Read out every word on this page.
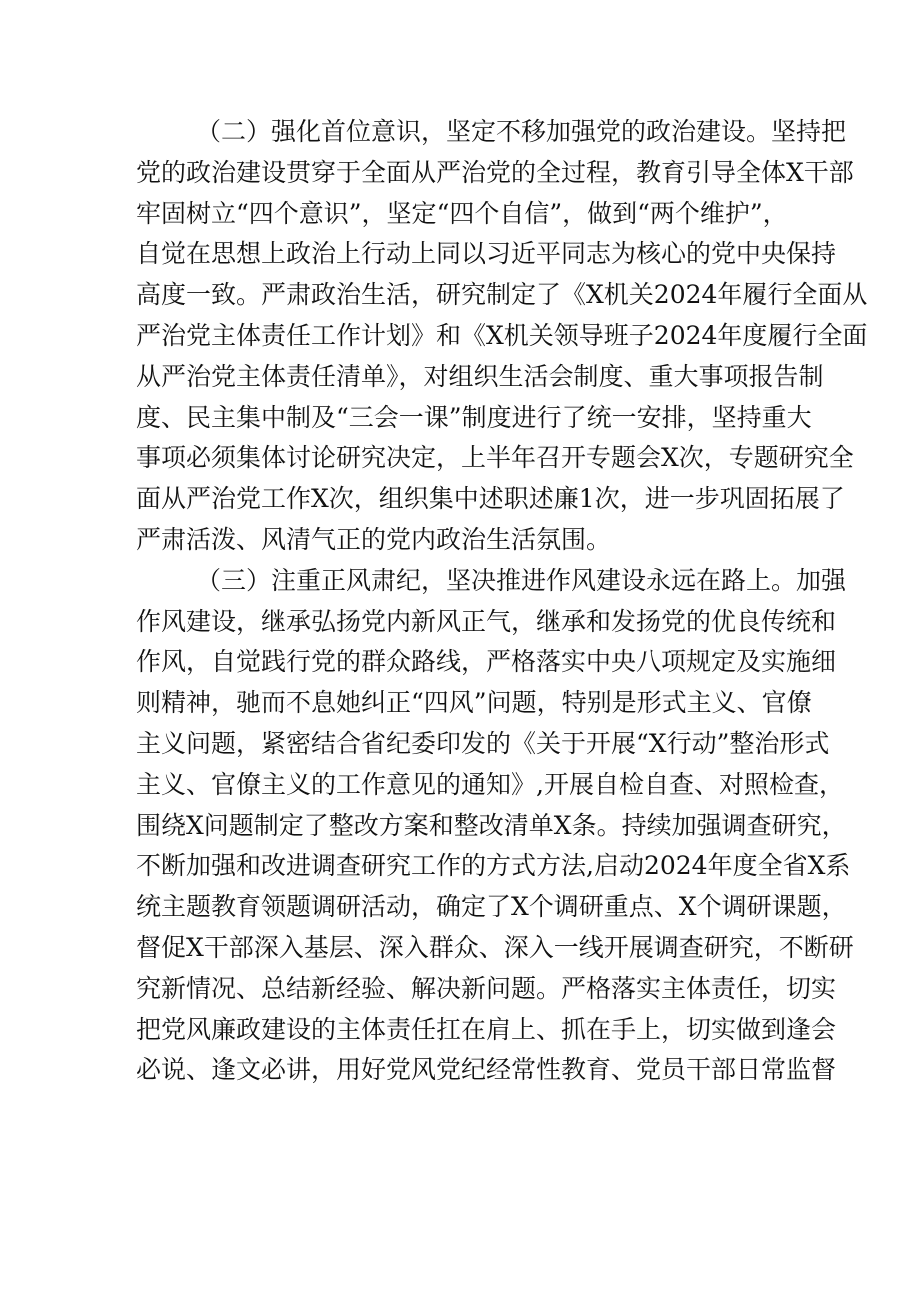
（二）强化首位意识，坚定不移加强党的政治建设。坚持把
党的政治建设贯穿于全面从严治党的全过程，教育引导全体X干部
牢固树立“四个意识”，坚定“四个自信”，做到“两个维护”，
自觉在思想上政治上行动上同以习近平同志为核心的党中央保持
高度一致。严肃政治生活，研究制定了《X机关2024年履行全面从
严治党主体责任工作计划》和《X机关领导班子2024年度履行全面
从严治党主体责任清单》，对组织生活会制度、重大事项报告制
度、民主集中制及“三会一课”制度进行了统一安排，坚持重大
事项必须集体讨论研究决定，上半年召开专题会X次，专题研究全
面从严治党工作X次，组织集中述职述廉1次，进一步巩固拓展了
严肃活泼、风清气正的党内政治生活氛围。
（三）注重正风肃纪，坚决推进作风建设永远在路上。加强
作风建设，继承弘扬党内新风正气，继承和发扬党的优良传统和
作风，自觉践行党的群众路线，严格落实中央八项规定及实施细
则精神，驰而不息她纠正“四风”问题，特别是形式主义、官僚
主义问题，紧密结合省纪委印发的《关于开展“X行动”整治形式
主义、官僚主义的工作意见的通知》,开展自检自查、对照检查，
围绕X问题制定了整改方案和整改清单X条。持续加强调查研究，
不断加强和改进调查研究工作的方式方法,启动2024年度全省X系
统主题教育领题调研活动，确定了X个调研重点、X个调研课题，
督促X干部深入基层、深入群众、深入一线开展调查研究，不断研
究新情况、总结新经验、解决新问题。严格落实主体责任，切实
把党风廉政建设的主体责任扛在肩上、抓在手上，切实做到逢会
必说、逢文必讲，用好党风党纪经常性教育、党员干部日常监督
